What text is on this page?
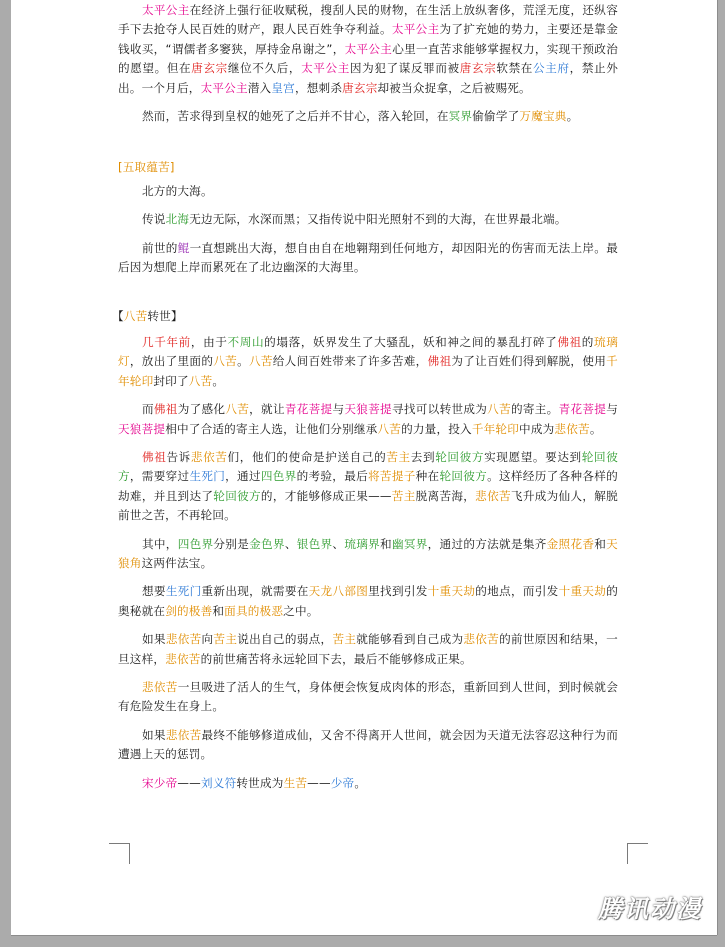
太平公主在经济上强行征收赋税，搜刮人民的财物，在生活上放纵奢侈，荒淫无度，还纵容手下去抢夺人民百姓的财产，跟人民百姓争夺利益。太平公主为了扩充她的势力，主要还是靠金钱收买，“谓儒者多窭狭，厚持金帛谢之”，太平公主心里一直苦求能够掌握权力，实现干预政治的愿望。但在唐玄宗继位不久后，太平公主因为犯了谋反罪而被唐玄宗软禁在公主府，禁止外出。一个月后，太平公主潜入皇宫，想刺杀唐玄宗却被当众捉拿，之后被赐死。

然而，苦求得到皇权的她死了之后并不甘心，落入轮回，在冥界偷偷学了万魔宝典。

[五取蕴苦]

北方的大海。

传说北海无边无际，水深而黑；又指传说中阳光照射不到的大海，在世界最北端。

前世的鲲一直想跳出大海，想自由自在地翱翔到任何地方，却因阳光的伤害而无法上岸。最后因为想爬上岸而累死在了北边幽深的大海里。

【八苦转世】

几千年前，由于不周山的塌落，妖界发生了大骚乱，妖和神之间的暴乱打碎了佛祖的琉璃灯，放出了里面的八苦。八苦给人间百姓带来了许多苦难，佛祖为了让百姓们得到解脱，使用千年轮印封印了八苦。

而佛祖为了感化八苦，就让青花菩提与天狼菩提寻找可以转世成为八苦的寄主。青花菩提与天狼菩提相中了合适的寄主人选，让他们分别继承八苦的力量，投入千年轮印中成为悲依苦。

佛祖告诉悲依苦们，他们的使命是护送自己的苦主去到轮回彼方实现愿望。要达到轮回彼方，需要穿过生死门，通过四色界的考验，最后将苦提子种在轮回彼方。这样经历了各种各样的劫难，并且到达了轮回彼方的，才能够修成正果——苦主脱离苦海，悲依苦飞升成为仙人，解脱前世之苦，不再轮回。

其中，四色界分别是金色界、银色界、琉璃界和幽冥界，通过的方法就是集齐金照花香和天狼角这两件法宝。

想要生死门重新出现，就需要在天龙八部图里找到引发十重天劫的地点，而引发十重天劫的奥秘就在剑的极善和面具的极恶之中。

如果悲依苦向苦主说出自己的弱点，苦主就能够看到自己成为悲依苦的前世原因和结果，一旦这样，悲依苦的前世痛苦将永远轮回下去，最后不能够修成正果。

悲依苦一旦吸进了活人的生气，身体便会恢复成肉体的形态，重新回到人世间，到时候就会有危险发生在身上。

如果悲依苦最终不能够修道成仙，又舍不得离开人世间，就会因为天道无法容忍这种行为而遭遇上天的惩罚。

宋少帝——刘义符转世成为生苦——少帝。

腾讯动漫
